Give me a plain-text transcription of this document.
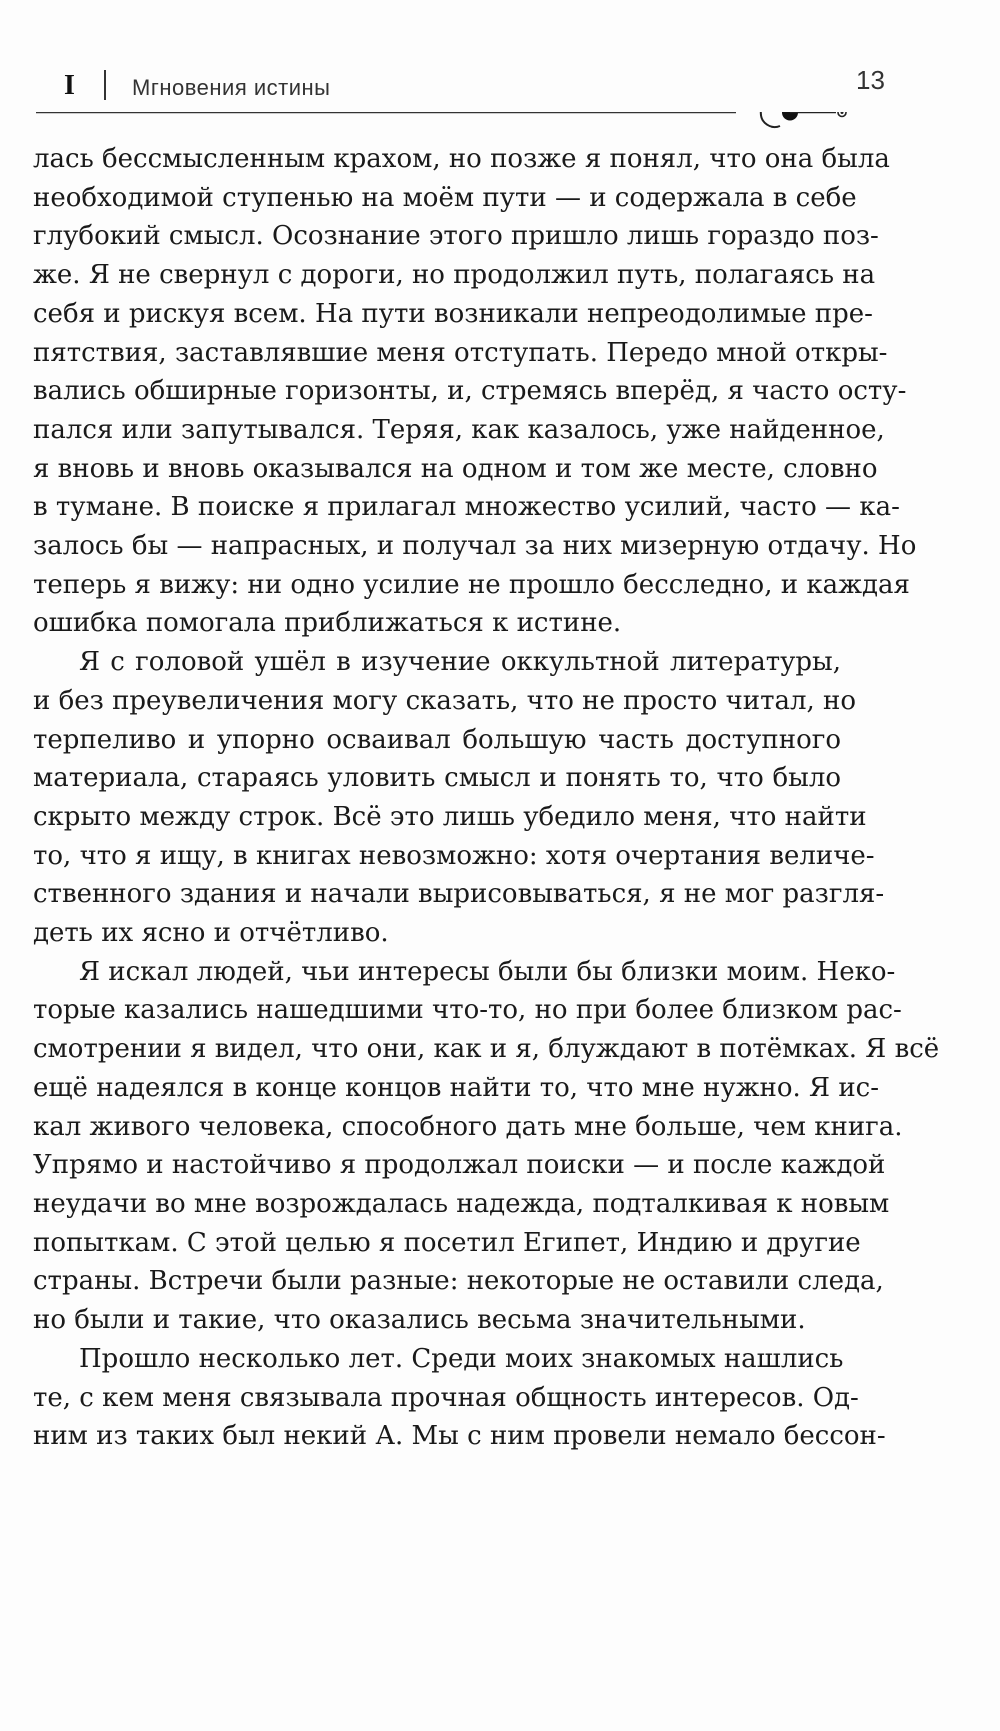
I	Мгновения истины	13

лась бессмысленным крахом, но позже я понял, что она была
необходимой ступенью на моём пути — и содержала в себе
глубокий смысл. Осознание этого пришло лишь гораздо поз-
же. Я не свернул с дороги, но продолжил путь, полагаясь на
себя и рискуя всем. На пути возникали непреодолимые пре-
пятствия, заставлявшие меня отступать. Передо мной откры-
вались обширные горизонты, и, стремясь вперёд, я часто осту-
пался или запутывался. Теряя, как казалось, уже найденное,
я вновь и вновь оказывался на одном и том же месте, словно
в тумане. В поиске я прилагал множество усилий, часто — ка-
залось бы — напрасных, и получал за них мизерную отдачу. Но
теперь я вижу: ни одно усилие не прошло бесследно, и каждая
ошибка помогала приближаться к истине.

Я с головой ушёл в изучение оккультной литературы,
и без преувеличения могу сказать, что не просто читал, но
терпеливо и упорно осваивал большую часть доступного
материала, стараясь уловить смысл и понять то, что было
скрыто между строк. Всё это лишь убедило меня, что найти
то, что я ищу, в книгах невозможно: хотя очертания величе-
ственного здания и начали вырисовываться, я не мог разгля-
деть их ясно и отчётливо.

Я искал людей, чьи интересы были бы близки моим. Неко-
торые казались нашедшими что-то, но при более близком рас-
смотрении я видел, что они, как и я, блуждают в потёмках. Я всё
ещё надеялся в конце концов найти то, что мне нужно. Я ис-
кал живого человека, способного дать мне больше, чем книга.
Упрямо и настойчиво я продолжал поиски — и после каждой
неудачи во мне возрождалась надежда, подталкивая к новым
попыткам. С этой целью я посетил Египет, Индию и другие
страны. Встречи были разные: некоторые не оставили следа,
но были и такие, что оказались весьма значительными.

Прошло несколько лет. Среди моих знакомых нашлись
те, с кем меня связывала прочная общность интересов. Од-
ним из таких был некий А. Мы с ним провели немало бессон-
